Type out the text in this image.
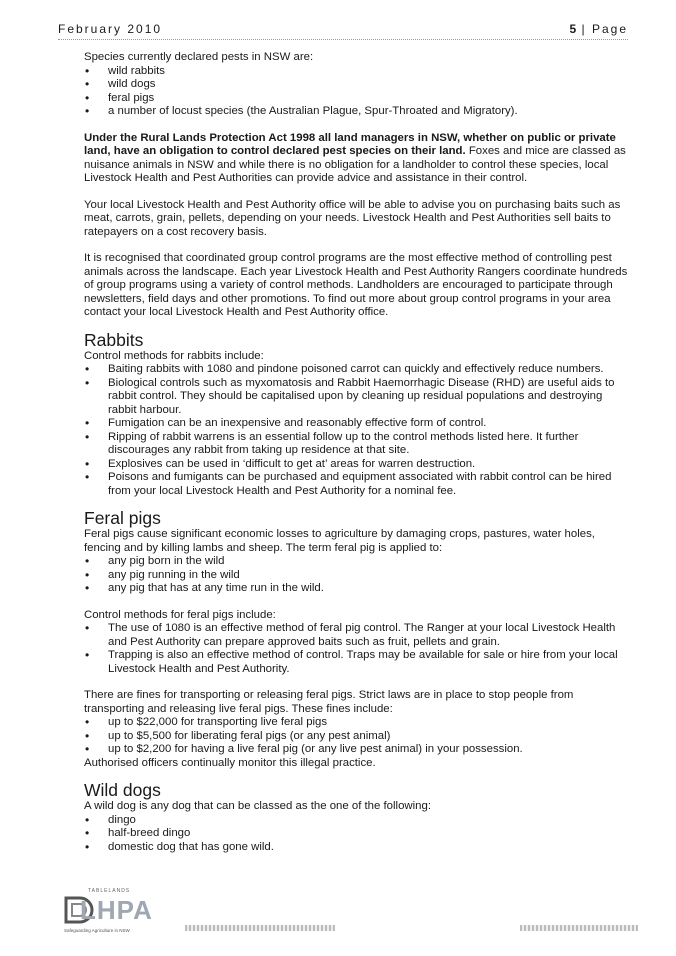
February 2010	5 | Page

Species currently declared pests in NSW are:

• wild rabbits
• wild dogs
• feral pigs
• a number of locust species (the Australian Plague, Spur-Throated and Migratory).

Under the Rural Lands Protection Act 1998 all land managers in NSW, whether on public or private land, have an obligation to control declared pest species on their land. Foxes and mice are classed as nuisance animals in NSW and while there is no obligation for a landholder to control these species, local Livestock Health and Pest Authorities can provide advice and assistance in their control.

Your local Livestock Health and Pest Authority office will be able to advise you on purchasing baits such as meat, carrots, grain, pellets, depending on your needs. Livestock Health and Pest Authorities sell baits to ratepayers on a cost recovery basis.

It is recognised that coordinated group control programs are the most effective method of controlling pest animals across the landscape. Each year Livestock Health and Pest Authority Rangers coordinate hundreds of group programs using a variety of control methods. Landholders are encouraged to participate through newsletters, field days and other promotions. To find out more about group control programs in your area contact your local Livestock Health and Pest Authority office.

Rabbits

Control methods for rabbits include:

• Baiting rabbits with 1080 and pindone poisoned carrot can quickly and effectively reduce numbers.
• Biological controls such as myxomatosis and Rabbit Haemorrhagic Disease (RHD) are useful aids to rabbit control. They should be capitalised upon by cleaning up residual populations and destroying rabbit harbour.
• Fumigation can be an inexpensive and reasonably effective form of control.
• Ripping of rabbit warrens is an essential follow up to the control methods listed here. It further discourages any rabbit from taking up residence at that site.
• Explosives can be used in ‘difficult to get at’ areas for warren destruction.
• Poisons and fumigants can be purchased and equipment associated with rabbit control can be hired from your local Livestock Health and Pest Authority for a nominal fee.
Feral pigs

Feral pigs cause significant economic losses to agriculture by damaging crops, pastures, water holes, fencing and by killing lambs and sheep. The term feral pig is applied to:

• any pig born in the wild
• any pig running in the wild
• any pig that has at any time run in the wild.

Control methods for feral pigs include:

• The use of 1080 is an effective method of feral pig control. The Ranger at your local Livestock Health and Pest Authority can prepare approved baits such as fruit, pellets and grain.
• Trapping is also an effective method of control. Traps may be available for sale or hire from your local Livestock Health and Pest Authority.

There are fines for transporting or releasing feral pigs. Strict laws are in place to stop people from transporting and releasing live feral pigs. These fines include:

• up to $22,000 for transporting live feral pigs
• up to $5,500 for liberating feral pigs (or any pest animal)
• up to $2,200 for having a live feral pig (or any live pest animal) in your possession.

Authorised officers continually monitor this illegal practice.

Wild dogs

A wild dog is any dog that can be classed as the one of the following:

• dingo
• half-breed dingo
• domestic dog that has gone wild.
TABLELANDS
LHPA
Safeguarding Agriculture in NSW
